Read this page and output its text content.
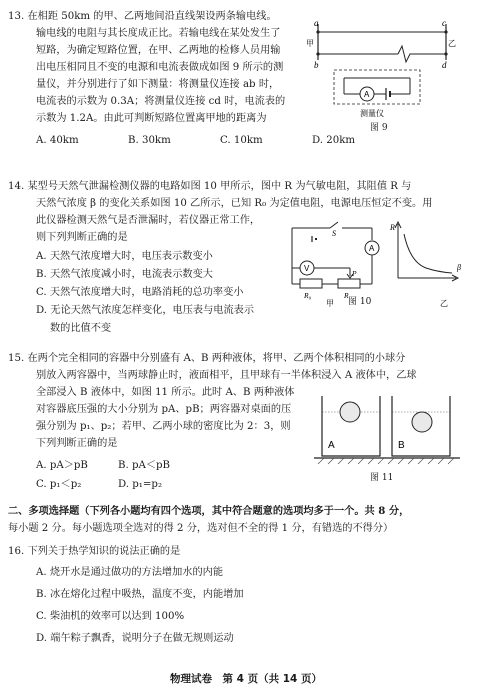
13. 在相距 50km 的甲、乙两地间沿直线架设两条输电线。
输电线的电阻与其长度成正比。若输电线在某处发生了
短路，为确定短路位置，在甲、乙两地的检修人员用输
出电压相同且不变的电源和电流表做成如图 9 所示的测
量仪，并分别进行了如下测量：将测量仪连接 ab 时，
电流表的示数为 0.3A；将测量仪连接 cd 时，电流表的
示数为 1.2A。由此可判断短路位置离甲地的距离为
A. 40km	B. 30km	C. 10km	D. 20km
a	c
b	d
甲	乙
A
测量仪
图 9
14. 某型号天然气泄漏检测仪器的电路如图 10 甲所示，图中 R 为气敏电阻，其阻值 R 与
天然气浓度 β 的变化关系如图 10 乙所示，已知 R₀ 为定值电阻，电源电压恒定不变。用
此仪器检测天然气是否泄漏时，若仪器正常工作，
则下列判断正确的是
A. 天然气浓度增大时，电压表示数变小
B. 天然气浓度减小时，电流表示数变大
C. 天然气浓度增大时，电路消耗的总功率变小
D. 无论天然气浓度怎样变化，电压表与电流表示
数的比值不变
S
A
V
R₀
P
R
甲
R
β
乙
图 10
15. 在两个完全相同的容器中分别盛有 A、B 两种液体，将甲、乙两个体积相同的小球分
别放入两容器中，当两球静止时，液面相平，且甲球有一半体积浸入 A 液体中，乙球
全部浸入 B 液体中，如图 11 所示。此时 A、B 两种液体
对容器底压强的大小分别为 pA、pB；两容器对桌面的压
强分别为 p₁、p₂；若甲、乙两小球的密度比为 2：3，则
下列判断正确的是
A. pA＞pB	B. pA＜pB
C. p₁＜p₂	D. p₁=p₂
A	B
图 11
二、多项选择题（下列各小题均有四个选项，其中符合题意的选项均多于一个。共 8 分，
每小题 2 分。每小题选项全选对的得 2 分，选对但不全的得 1 分，有错选的不得分）
16. 下列关于热学知识的说法正确的是
A. 烧开水是通过做功的方法增加水的内能
B. 冰在熔化过程中吸热，温度不变，内能增加
C. 柴油机的效率可以达到 100%
D. 端午粽子飘香，说明分子在做无规则运动
物理试卷　第 4 页（共 14 页）
